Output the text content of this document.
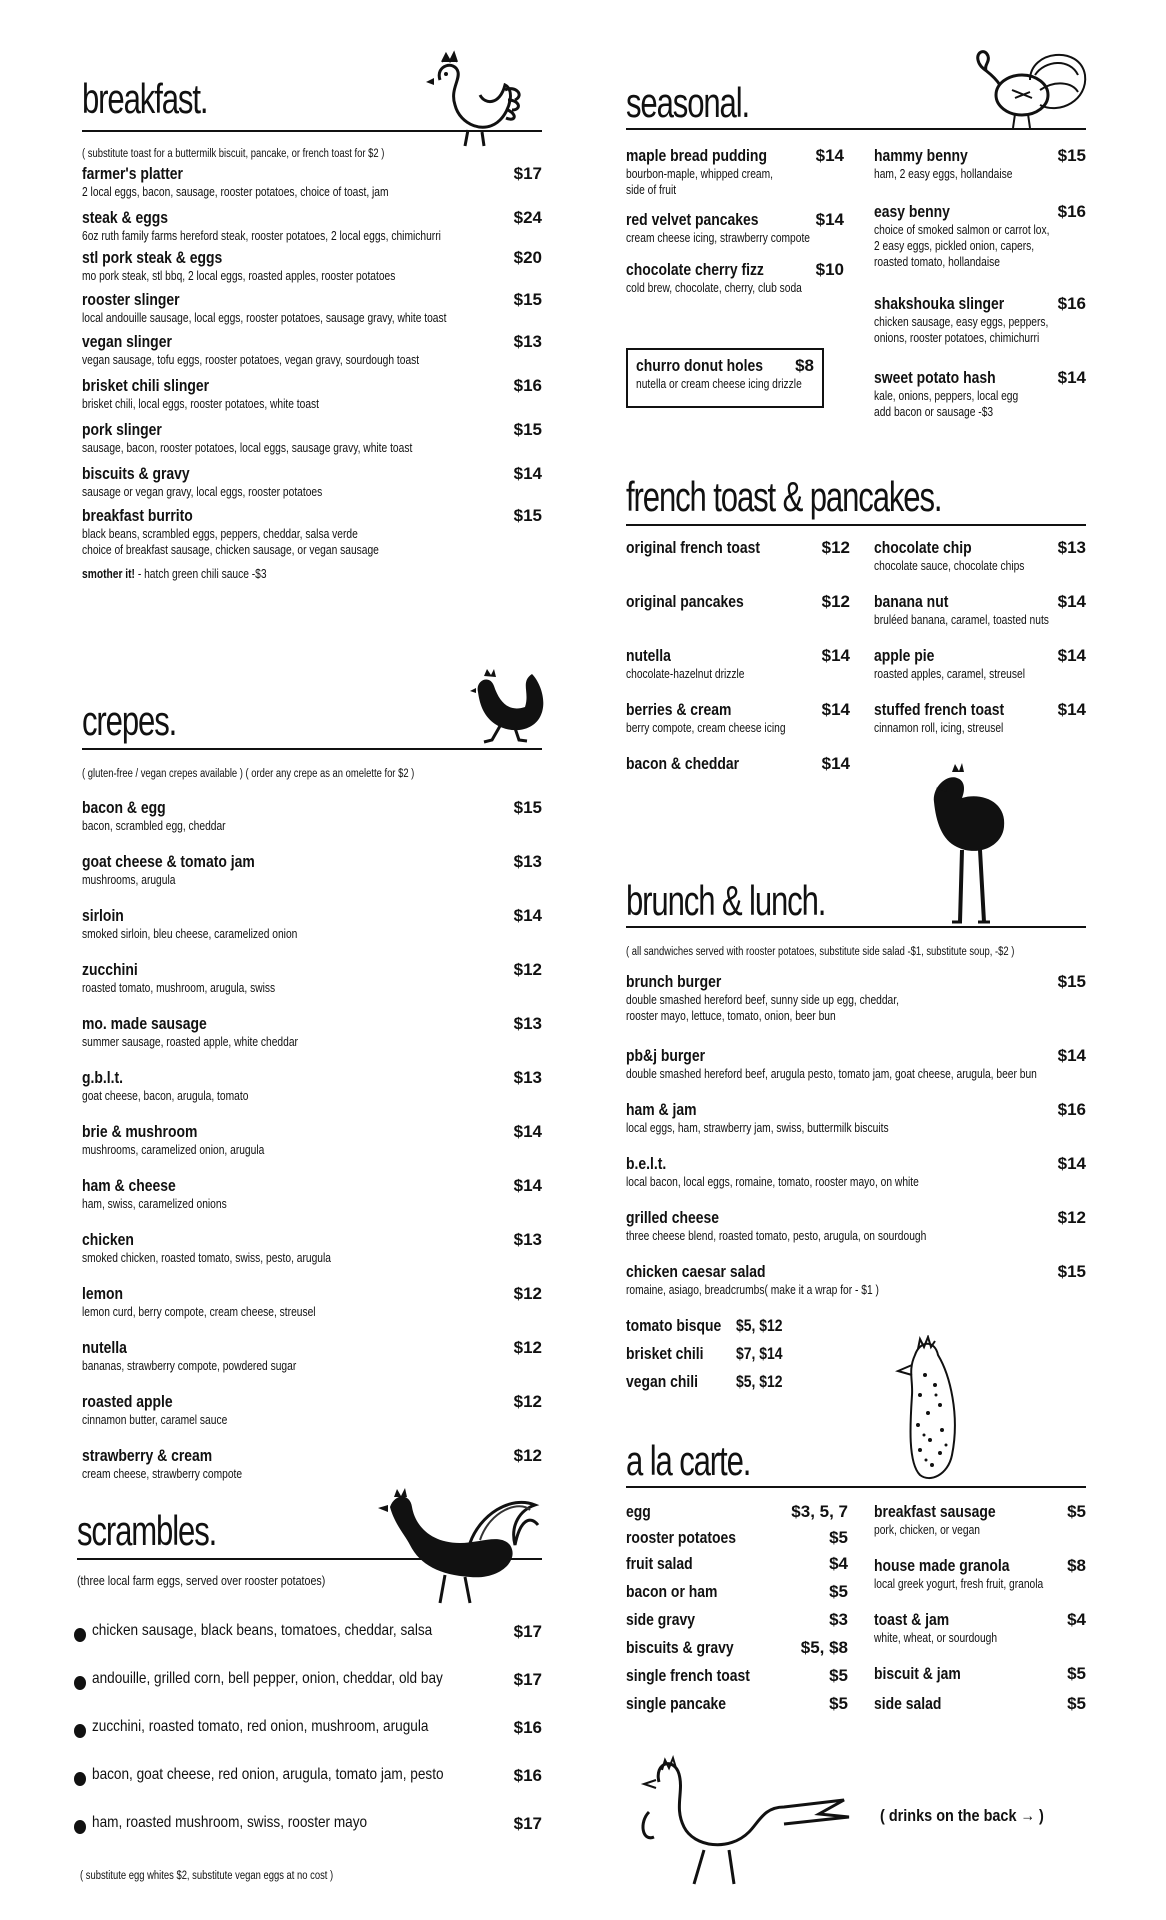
breakfast.
( substitute toast for a buttermilk biscuit, pancake, or french toast for $2 )
farmer's platter	$17
2 local eggs, bacon, sausage, rooster potatoes, choice of toast, jam
steak & eggs	$24
6oz ruth family farms hereford steak, rooster potatoes, 2 local eggs, chimichurri
stl pork steak & eggs	$20
mo pork steak, stl bbq, 2 local eggs, roasted apples, rooster potatoes
rooster slinger	$15
local andouille sausage, local eggs, rooster potatoes, sausage gravy, white toast
vegan slinger	$13
vegan sausage, tofu eggs, rooster potatoes, vegan gravy, sourdough toast
brisket chili slinger	$16
brisket chili, local eggs, rooster potatoes, white toast
pork slinger	$15
sausage, bacon, rooster potatoes, local eggs, sausage gravy, white toast
biscuits & gravy	$14
sausage or vegan gravy, local eggs, rooster potatoes
breakfast burrito	$15
black beans, scrambled eggs, peppers, cheddar, salsa verde
choice of breakfast sausage, chicken sausage, or vegan sausage
smother it! - hatch green chili sauce -$3
crepes.
( gluten-free / vegan crepes available ) ( order any crepe as an omelette for $2 )
bacon & egg	$15
bacon, scrambled egg, cheddar
goat cheese & tomato jam	$13
mushrooms, arugula
sirloin	$14
smoked sirloin, bleu cheese, caramelized onion
zucchini	$12
roasted tomato, mushroom, arugula, swiss
mo. made sausage	$13
summer sausage, roasted apple, white cheddar
g.b.l.t.	$13
goat cheese, bacon, arugula, tomato
brie & mushroom	$14
mushrooms, caramelized onion, arugula
ham & cheese	$14
ham, swiss, caramelized onions
chicken	$13
smoked chicken, roasted tomato, swiss, pesto, arugula
lemon	$12
lemon curd, berry compote, cream cheese, streusel
nutella	$12
bananas, strawberry compote, powdered sugar
roasted apple	$12
cinnamon butter, caramel sauce
strawberry & cream	$12
cream cheese, strawberry compote
scrambles.
(three local farm eggs, served over rooster potatoes)
chicken sausage, black beans, tomatoes, cheddar, salsa	$17
andouille, grilled corn, bell pepper, onion, cheddar, old bay	$17
zucchini, roasted tomato, red onion, mushroom, arugula	$16
bacon, goat cheese, red onion, arugula, tomato jam, pesto	$16
ham, roasted mushroom, swiss, rooster mayo	$17
( substitute egg whites $2, substitute vegan eggs at no cost )
seasonal.
maple bread pudding	$14
bourbon-maple, whipped cream,
side of fruit
red velvet pancakes	$14
cream cheese icing, strawberry compote
chocolate cherry fizz	$10
cold brew, chocolate, cherry, club soda
hammy benny	$15
ham, 2 easy eggs, hollandaise
easy benny	$16
choice of smoked salmon or carrot lox,
2 easy eggs, pickled onion, capers,
roasted tomato, hollandaise
shakshouka slinger	$16
chicken sausage, easy eggs, peppers,
onions, rooster potatoes, chimichurri
sweet potato hash	$14
kale, onions, peppers, local egg
add bacon or sausage -$3
churro donut holes $8
nutella or cream cheese icing drizzle
french toast & pancakes.
original french toast	$12
original pancakes	$12
nutella	$14
chocolate-hazelnut drizzle
berries & cream	$14
berry compote, cream cheese icing
bacon & cheddar	$14
chocolate chip	$13
chocolate sauce, chocolate chips
banana nut	$14
bruléed banana, caramel, toasted nuts
apple pie	$14
roasted apples, caramel, streusel
stuffed french toast	$14
cinnamon roll, icing, streusel
brunch & lunch.
( all sandwiches served with rooster potatoes, substitute side salad -$1, substitute soup, -$2 )
brunch burger	$15
double smashed hereford beef, sunny side up egg, cheddar,
rooster mayo, lettuce, tomato, onion, beer bun
pb&j burger	$14
double smashed hereford beef, arugula pesto, tomato jam, goat cheese, arugula, beer bun
ham & jam	$16
local eggs, ham, strawberry jam, swiss, buttermilk biscuits
b.e.l.t.	$14
local bacon, local eggs, romaine, tomato, rooster mayo, on white
grilled cheese	$12
three cheese blend, roasted tomato, pesto, arugula, on sourdough
chicken caesar salad	$15
romaine, asiago, breadcrumbs( make it a wrap for - $1 )
tomato bisque $5, $12
brisket chili $7, $14
vegan chili $5, $12
a la carte.
egg	$3, 5, 7
rooster potatoes	$5
fruit salad	$4
bacon or ham	$5
side gravy	$3
biscuits & gravy	$5, $8
single french toast	$5
single pancake	$5
breakfast sausage	$5
pork, chicken, or vegan
house made granola	$8
local greek yogurt, fresh fruit, granola
toast & jam	$4
white, wheat, or sourdough
biscuit & jam	$5
side salad	$5
( drinks on the back → )
